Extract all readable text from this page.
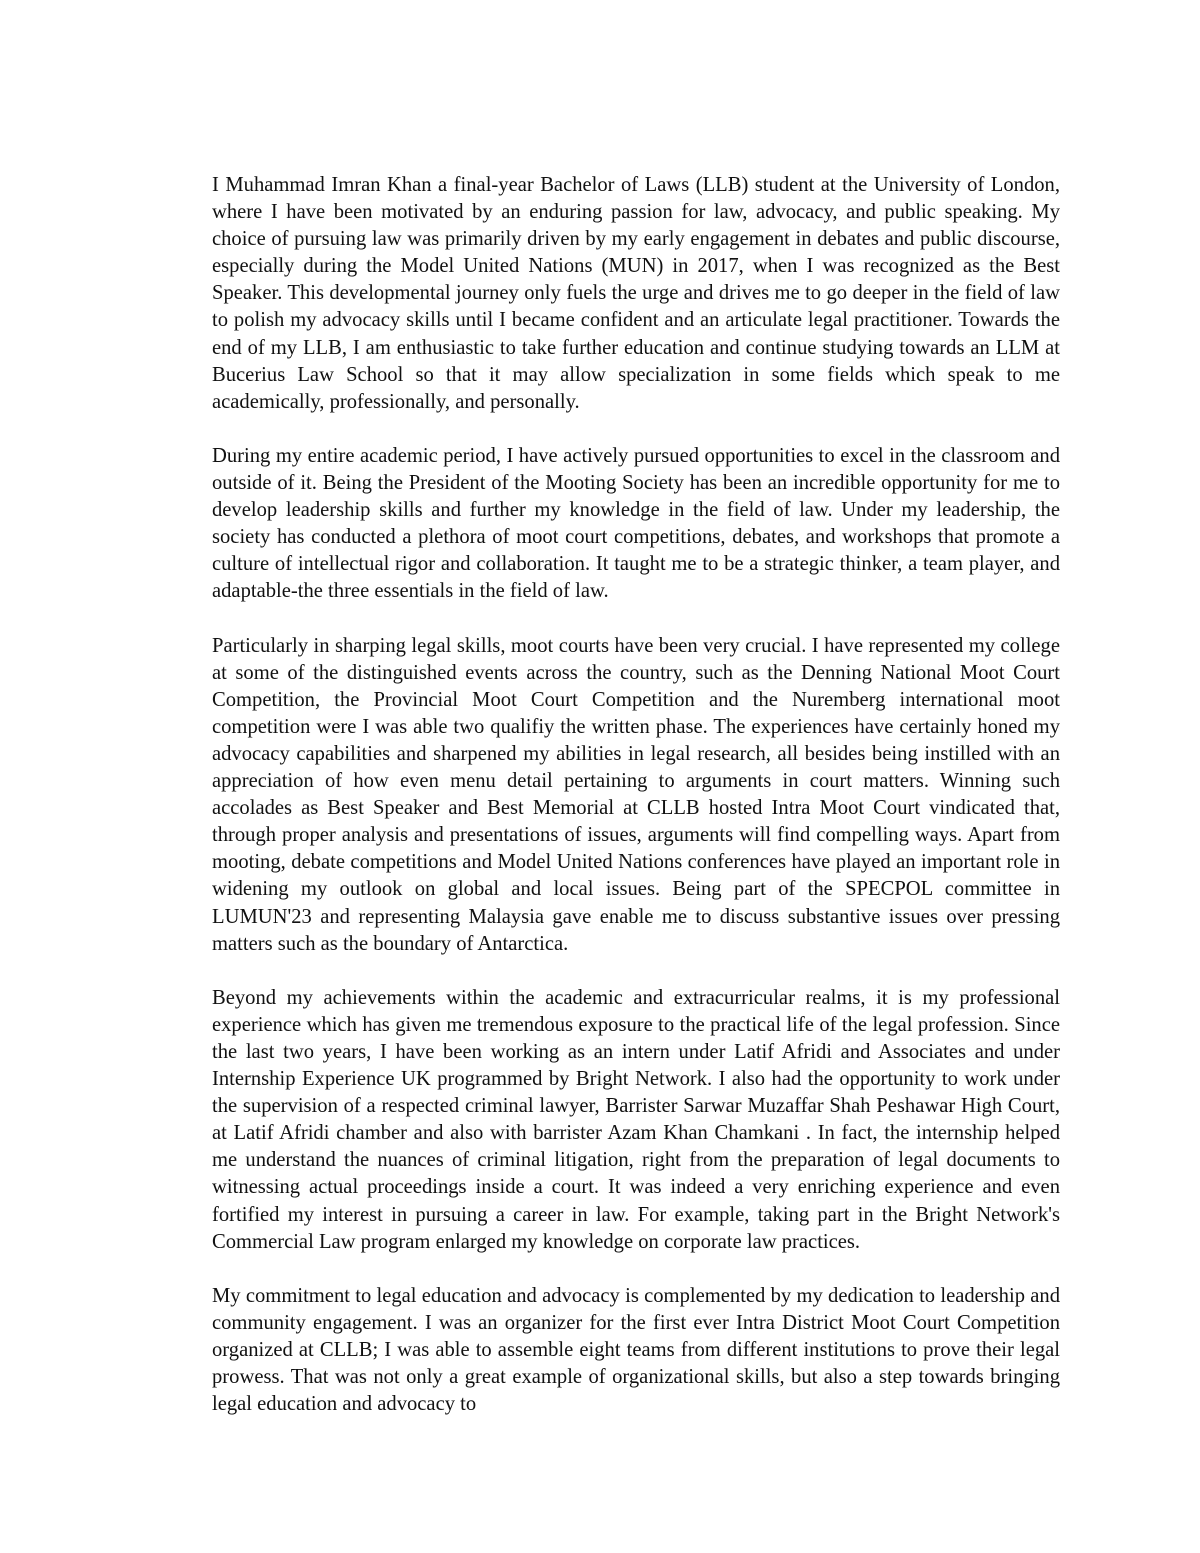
I Muhammad Imran Khan a final-year Bachelor of Laws (LLB) student at the University of London, where I have been motivated by an enduring passion for law, advocacy, and public speaking. My choice of pursuing law was primarily driven by my early engagement in debates and public discourse, especially during the Model United Nations (MUN) in 2017, when I was recognized as the Best Speaker. This developmental journey only fuels the urge and drives me to go deeper in the field of law to polish my advocacy skills until I became confident and an articulate legal practitioner. Towards the end of my LLB, I am enthusiastic to take further education and continue studying towards an LLM at Bucerius Law School so that it may allow specialization in some fields which speak to me academically, professionally, and personally.

During my entire academic period, I have actively pursued opportunities to excel in the classroom and outside of it. Being the President of the Mooting Society has been an incredible opportunity for me to develop leadership skills and further my knowledge in the field of law. Under my leadership, the society has conducted a plethora of moot court competitions, debates, and workshops that promote a culture of intellectual rigor and collaboration. It taught me to be a strategic thinker, a team player, and adaptable-the three essentials in the field of law.

Particularly in sharping legal skills, moot courts have been very crucial. I have represented my college at some of the distinguished events across the country, such as the Denning National Moot Court Competition, the Provincial Moot Court Competition and the Nuremberg international moot competition were I was able two qualifiy the written phase. The experiences have certainly honed my advocacy capabilities and sharpened my abilities in legal research, all besides being instilled with an appreciation of how even menu detail pertaining to arguments in court matters. Winning such accolades as Best Speaker and Best Memorial at CLLB hosted Intra Moot Court vindicated that, through proper analysis and presentations of issues, arguments will find compelling ways. Apart from mooting, debate competitions and Model United Nations conferences have played an important role in widening my outlook on global and local issues. Being part of the SPECPOL committee in LUMUN'23 and representing Malaysia gave enable me to discuss substantive issues over pressing matters such as the boundary of Antarctica.

Beyond my achievements within the academic and extracurricular realms, it is my professional experience which has given me tremendous exposure to the practical life of the legal profession. Since the last two years, I have been working as an intern under Latif Afridi and Associates and under Internship Experience UK programmed by Bright Network. I also had the opportunity to work under the supervision of a respected criminal lawyer, Barrister Sarwar Muzaffar Shah Peshawar High Court, at Latif Afridi chamber and also with barrister Azam Khan Chamkani . In fact, the internship helped me understand the nuances of criminal litigation, right from the preparation of legal documents to witnessing actual proceedings inside a court. It was indeed a very enriching experience and even fortified my interest in pursuing a career in law. For example, taking part in the Bright Network's Commercial Law program enlarged my knowledge on corporate law practices.

My commitment to legal education and advocacy is complemented by my dedication to leadership and community engagement. I was an organizer for the first ever Intra District Moot Court Competition organized at CLLB; I was able to assemble eight teams from different institutions to prove their legal prowess. That was not only a great example of organizational skills, but also a step towards bringing legal education and advocacy to
